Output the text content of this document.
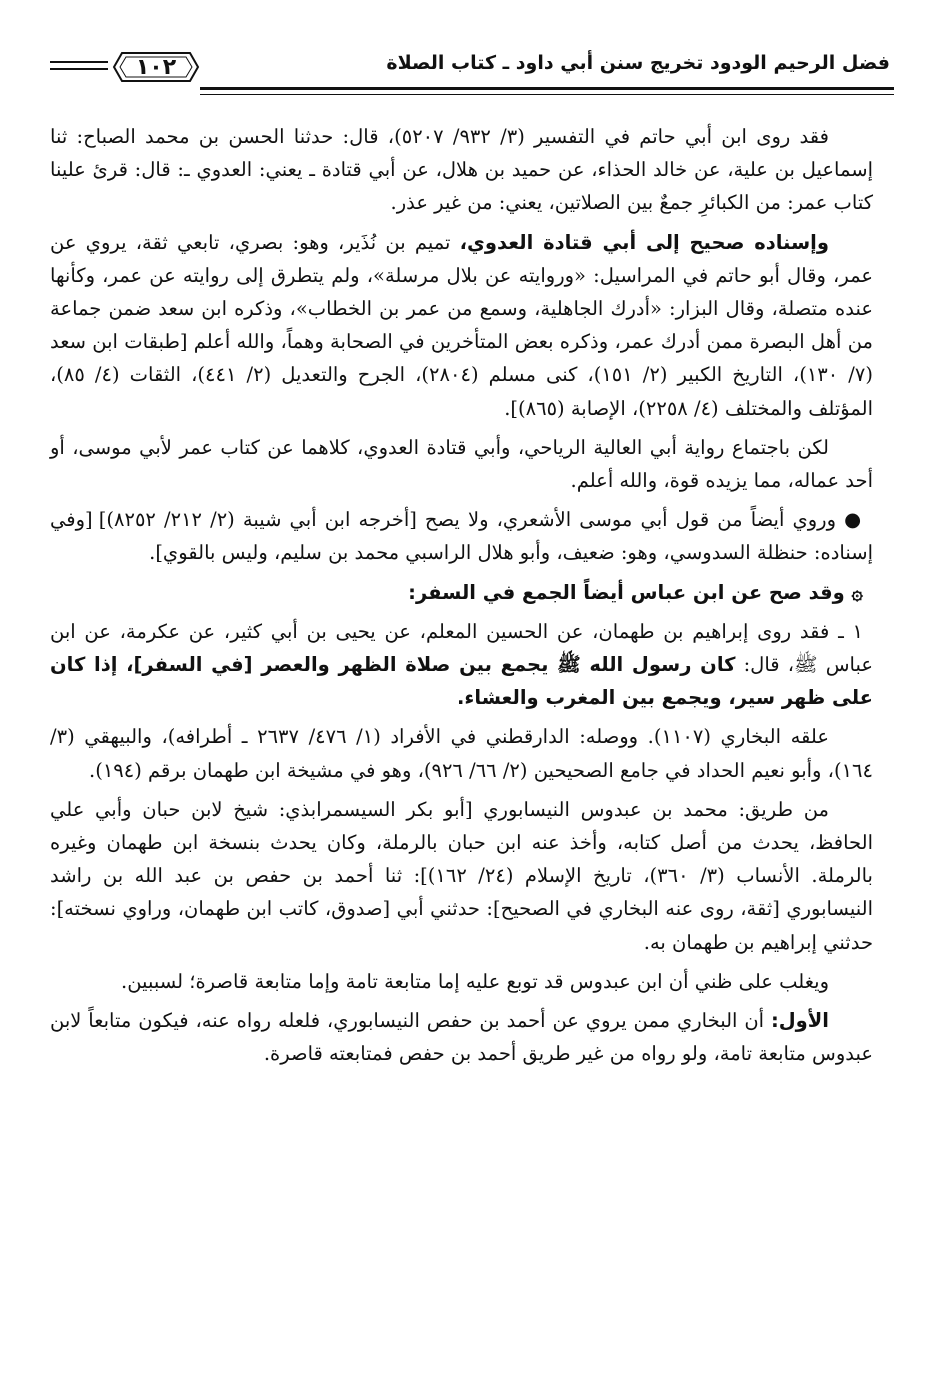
١٠٢	فضل الرحيم الودود تخريج سنن أبي داود ـ كتاب الصلاة

فقد روى ابن أبي حاتم في التفسير (٣/ ٩٣٢/ ٥٢٠٧)، قال: حدثنا الحسن بن محمد الصباح: ثنا إسماعيل بن علية، عن خالد الحذاء، عن حميد بن هلال، عن أبي قتادة ـ يعني: العدوي ـ: قال: قرئ علينا كتاب عمر: من الكبائرِ جمعٌ بين الصلاتين، يعني: من غير عذر.

وإسناده صحيح إلى أبي قتادة العدوي، تميم بن نُذَير، وهو: بصري، تابعي ثقة، يروي عن عمر، وقال أبو حاتم في المراسيل: «وروايته عن بلال مرسلة»، ولم يتطرق إلى روايته عن عمر، وكأنها عنده متصلة، وقال البزار: «أدرك الجاهلية، وسمع من عمر بن الخطاب»، وذكره ابن سعد ضمن جماعة من أهل البصرة ممن أدرك عمر، وذكره بعض المتأخرين في الصحابة وهماً، والله أعلم [طبقات ابن سعد (٧/ ١٣٠)، التاريخ الكبير (٢/ ١٥١)، كنى مسلم (٢٨٠٤)، الجرح والتعديل (٢/ ٤٤١)، الثقات (٤/ ٨٥)، المؤتلف والمختلف (٤/ ٢٢٥٨)، الإصابة (٨٦٥)].

لكن باجتماع رواية أبي العالية الرياحي، وأبي قتادة العدوي، كلاهما عن كتاب عمر لأبي موسى، أو أحد عماله، مما يزيده قوة، والله أعلم.

● وروي أيضاً من قول أبي موسى الأشعري، ولا يصح [أخرجه ابن أبي شيبة (٢/ ٢١٢/ ٨٢٥٢)] [وفي إسناده: حنظلة السدوسي، وهو: ضعيف، وأبو هلال الراسبي محمد بن سليم، وليس بالقوي].

۞ وقد صح عن ابن عباس أيضاً الجمع في السفر:

١ ـ فقد روى إبراهيم بن طهمان، عن الحسين المعلم، عن يحيى بن أبي كثير، عن عكرمة، عن ابن عباس ﷺ، قال: كان رسول الله ﷺ يجمع بين صلاة الظهر والعصر [في السفر]، إذا كان على ظهر سير، ويجمع بين المغرب والعشاء.

علقه البخاري (١١٠٧). ووصله: الدارقطني في الأفراد (١/ ٤٧٦/ ٢٦٣٧ ـ أطرافه)، والبيهقي (٣/ ١٦٤)، وأبو نعيم الحداد في جامع الصحيحين (٢/ ٦٦/ ٩٢٦)، وهو في مشيخة ابن طهمان برقم (١٩٤).

من طريق: محمد بن عبدوس النيسابوري [أبو بكر السيسمرابذي: شيخ لابن حبان وأبي علي الحافظ، يحدث من أصل كتابه، وأخذ عنه ابن حبان بالرملة، وكان يحدث بنسخة ابن طهمان وغيره بالرملة. الأنساب (٣/ ٣٦٠)، تاريخ الإسلام (٢٤/ ١٦٢)]: ثنا أحمد بن حفص بن عبد الله بن راشد النيسابوري [ثقة، روى عنه البخاري في الصحيح]: حدثني أبي [صدوق، كاتب ابن طهمان، وراوي نسخته]: حدثني إبراهيم بن طهمان به.

ويغلب على ظني أن ابن عبدوس قد توبع عليه إما متابعة تامة وإما متابعة قاصرة؛ لسببين.

الأول: أن البخاري ممن يروي عن أحمد بن حفص النيسابوري، فلعله رواه عنه، فيكون متابعاً لابن عبدوس متابعة تامة، ولو رواه من غير طريق أحمد بن حفص فمتابعته قاصرة.
